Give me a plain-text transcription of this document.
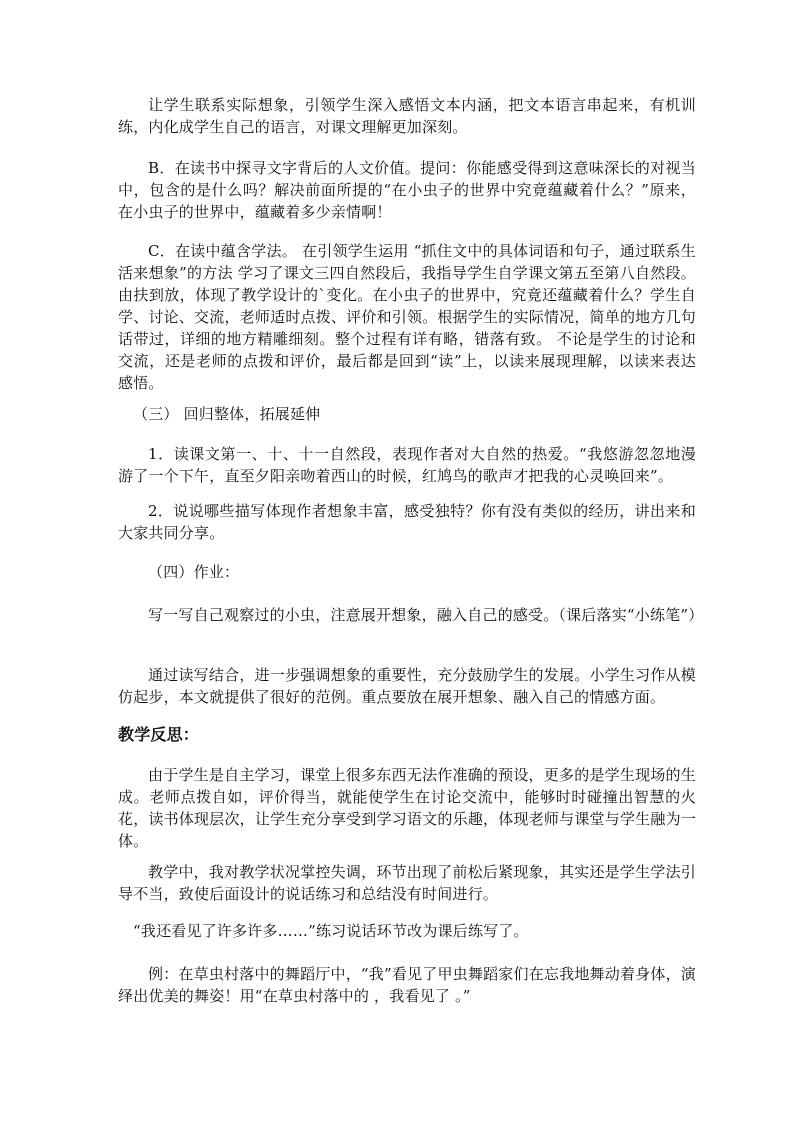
让学生联系实际想象，引领学生深入感悟文本内涵，把文本语言串起来，有机训练，内化成学生自己的语言，对课文理解更加深刻。
B．在读书中探寻文字背后的人文价值。提问：你能感受得到这意味深长的对视当中，包含的是什么吗？解决前面所提的“在小虫子的世界中究竟蕴藏着什么？”原来，在小虫子的世界中，蕴藏着多少亲情啊！
C．在读中蕴含学法。 在引领学生运用 “抓住文中的具体词语和句子，通过联系生活来想象”的方法 学习了课文三四自然段后，我指导学生自学课文第五至第八自然段。由扶到放，体现了教学设计的`变化。在小虫子的世界中，究竟还蕴藏着什么？学生自学、讨论、交流，老师适时点拨、评价和引领。根据学生的实际情况，简单的地方几句话带过，详细的地方精雕细刻。整个过程有详有略，错落有致。 不论是学生的讨论和交流，还是老师的点拨和评价，最后都是回到“读”上，以读来展现理解，以读来表达感悟。
（三） 回归整体，拓展延伸
1．读课文第一、十、十一自然段，表现作者对大自然的热爱。“我悠游忽忽地漫游了一个下午，直至夕阳亲吻着西山的时候，红鸠鸟的歌声才把我的心灵唤回来”。
2．说说哪些描写体现作者想象丰富，感受独特？你有没有类似的经历，讲出来和大家共同分享。
（四）作业：
写一写自己观察过的小虫，注意展开想象，融入自己的感受。（课后落实“小练笔”）
通过读写结合，进一步强调想象的重要性，充分鼓励学生的发展。小学生习作从模仿起步，本文就提供了很好的范例。重点要放在展开想象、融入自己的情感方面。
教学反思：
由于学生是自主学习，课堂上很多东西无法作准确的预设，更多的是学生现场的生成。老师点拨自如，评价得当，就能使学生在讨论交流中，能够时时碰撞出智慧的火花，读书体现层次，让学生充分享受到学习语文的乐趣，体现老师与课堂与学生融为一体。
教学中，我对教学状况掌控失调，环节出现了前松后紧现象，其实还是学生学法引导不当，致使后面设计的说话练习和总结没有时间进行。
“我还看见了许多许多……”练习说话环节改为课后练写了。
例：在草虫村落中的舞蹈厅中，“我”看见了甲虫舞蹈家们在忘我地舞动着身体，演绎出优美的舞姿！用“在草虫村落中的 ，我看见了 。”
